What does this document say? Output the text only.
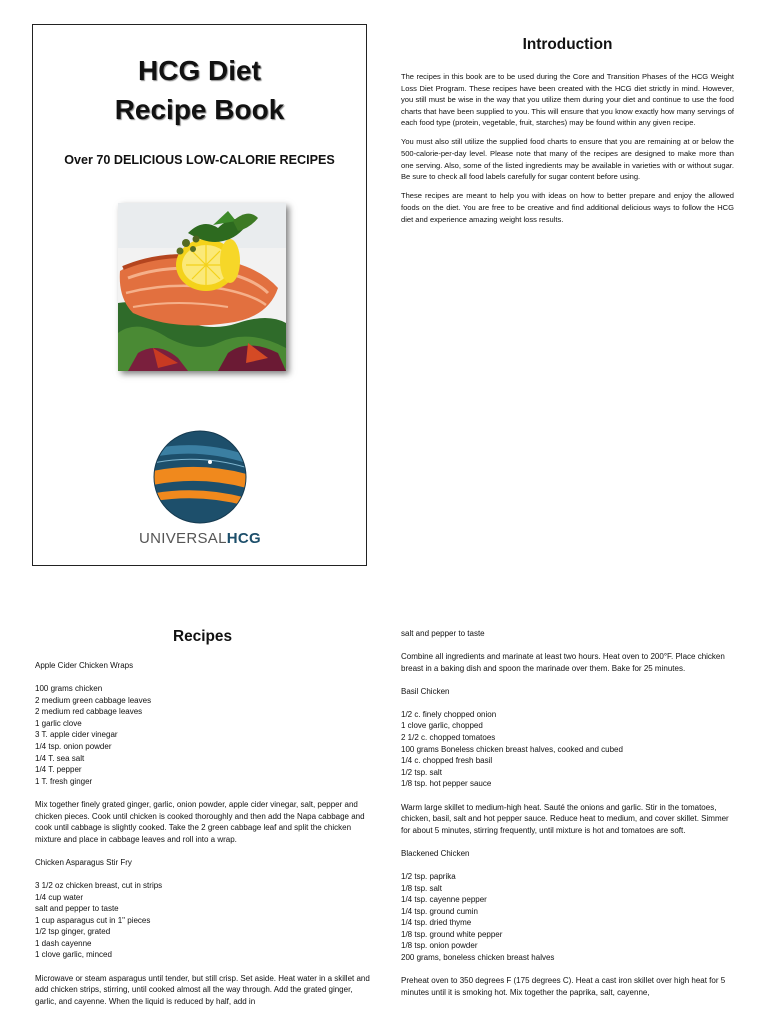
HCG Diet
Recipe Book
Over 70 DELICIOUS LOW-CALORIE RECIPES
UNIVERSALHCG
Introduction

The recipes in this book are to be used during the Core and Transition Phases of the HCG Weight Loss Diet Program. These recipes have been created with the HCG diet strictly in mind. However, you still must be wise in the way that you utilize them during your diet and continue to use the food charts that have been supplied to you. This will ensure that you know exactly how many servings of each food type (protein, vegetable, fruit, starches) may be found within any given recipe.

You must also still utilize the supplied food charts to ensure that you are remaining at or below the 500-calorie-per-day level. Please note that many of the recipes are designed to make more than one serving. Also, some of the listed ingredients may be available in varieties with or without sugar. Be sure to check all food labels carefully for sugar content before using.

These recipes are meant to help you with ideas on how to better prepare and enjoy the allowed foods on the diet. You are free to be creative and find additional delicious ways to follow the HCG diet and experience amazing weight loss results.

Recipes
Apple Cider Chicken Wraps
100 grams chicken
2 medium green cabbage leaves
2 medium red cabbage leaves
1 garlic clove
3 T. apple cider vinegar
1/4 tsp. onion powder
1/4 T. sea salt
1/4 T. pepper
1 T. fresh ginger
Mix together finely grated ginger, garlic, onion powder, apple cider vinegar, salt, pepper and chicken pieces. Cook until chicken is cooked thoroughly and then add the Napa cabbage and cook until cabbage is slightly cooked. Take the 2 green cabbage leaf and split the chicken mixture and place in cabbage leaves and roll into a wrap.
Chicken Asparagus Stir Fry
3 1/2 oz chicken breast, cut in strips
1/4 cup water
salt and pepper to taste
1 cup asparagus cut in 1" pieces
1/2 tsp ginger, grated
1 dash cayenne
1 clove garlic, minced
Microwave or steam asparagus until tender, but still crisp. Set aside. Heat water in a skillet and add chicken strips, stirring, until cooked almost all the way through. Add the grated ginger, garlic, and cayenne. When the liquid is reduced by half, add in
salt and pepper to taste
Combine all ingredients and marinate at least two hours. Heat oven to 200°F. Place chicken breast in a baking dish and spoon the marinade over them. Bake for 25 minutes.
Basil Chicken
1/2 c. finely chopped onion
1 clove garlic, chopped
2 1/2 c. chopped tomatoes
100 grams Boneless chicken breast halves, cooked and cubed
1/4 c. chopped fresh basil
1/2 tsp. salt
1/8 tsp. hot pepper sauce
Warm large skillet to medium-high heat. Sauté the onions and garlic. Stir in the tomatoes, chicken, basil, salt and hot pepper sauce. Reduce heat to medium, and cover skillet. Simmer for about 5 minutes, stirring frequently, until mixture is hot and tomatoes are soft.
Blackened Chicken
1/2 tsp. paprika
1/8 tsp. salt
1/4 tsp. cayenne pepper
1/4 tsp. ground cumin
1/4 tsp. dried thyme
1/8 tsp. ground white pepper
1/8 tsp. onion powder
200 grams, boneless chicken breast halves
Preheat oven to 350 degrees F (175 degrees C). Heat a cast iron skillet over high heat for 5 minutes until it is smoking hot. Mix together the paprika, salt, cayenne,
